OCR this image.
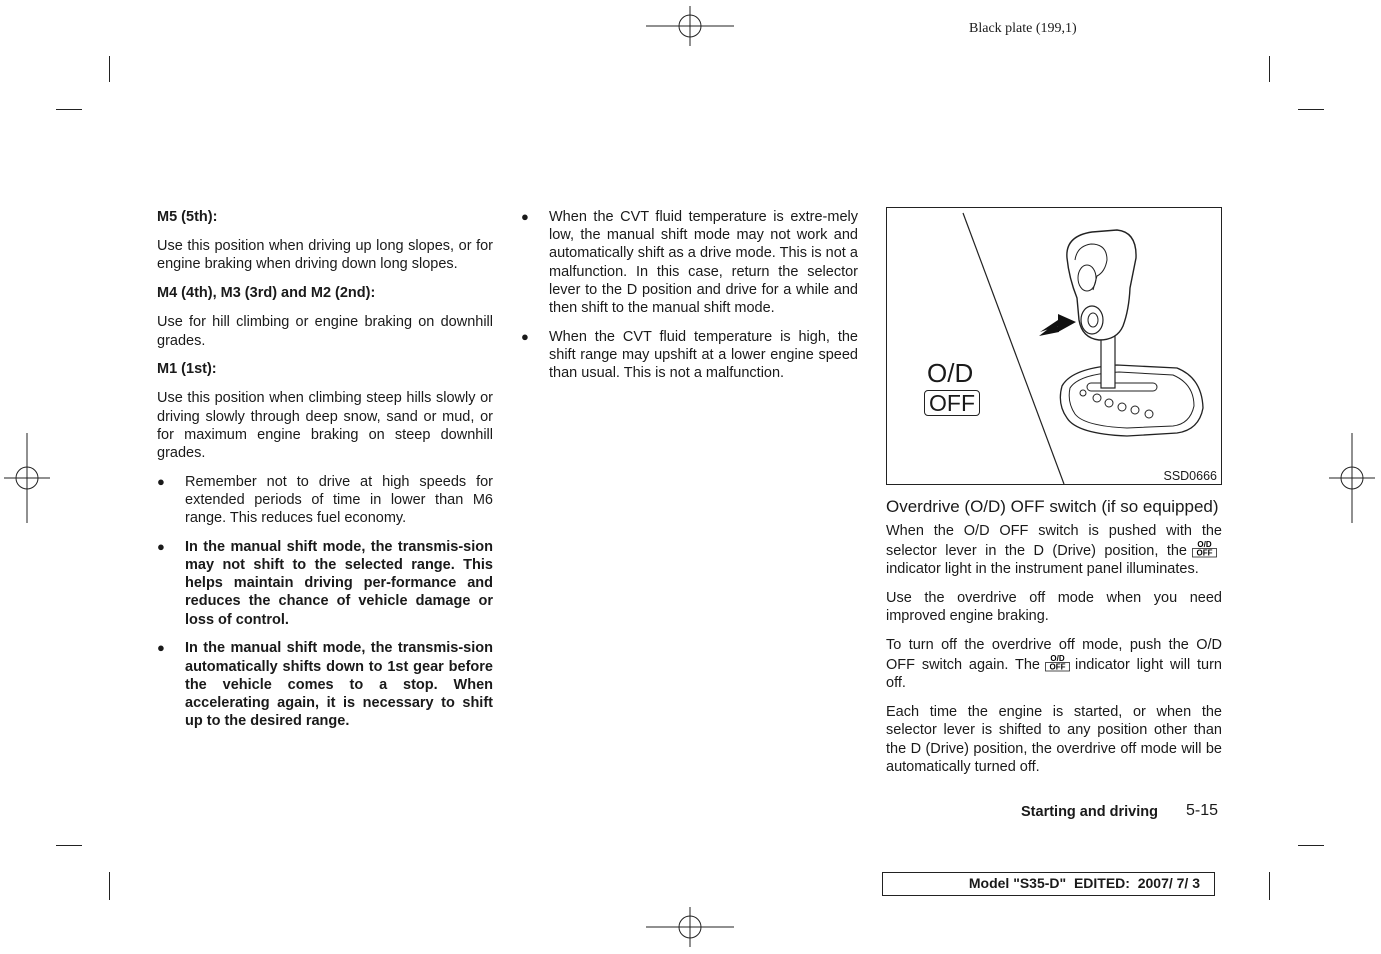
Black plate (199,1)
M5 (5th):

Use this position when driving up long slopes, or for engine braking when driving down long slopes.

M4 (4th), M3 (3rd) and M2 (2nd):

Use for hill climbing or engine braking on downhill grades.

M1 (1st):

Use this position when climbing steep hills slowly or driving slowly through deep snow, sand or mud, or for maximum engine braking on steep downhill grades.

● Remember not to drive at high speeds for extended periods of time in lower than M6 range. This reduces fuel economy.
● In the manual shift mode, the transmis-sion may not shift to the selected range. This helps maintain driving per-formance and reduces the chance of vehicle damage or loss of control.
● In the manual shift mode, the transmis-sion automatically shifts down to 1st gear before the vehicle comes to a stop. When accelerating again, it is necessary to shift up to the desired range.
● When the CVT fluid temperature is extre-mely low, the manual shift mode may not work and automatically shift as a drive mode. This is not a malfunction. In this case, return the selector lever to the D position and drive for a while and then shift to the manual shift mode.
● When the CVT fluid temperature is high, the shift range may upshift at a lower engine speed than usual. This is not a malfunction.	O/D
OFF
SSD0666
Overdrive (O/D) OFF switch (if so equipped)

When the O/D OFF switch is pushed with the selector lever in the D (Drive) position, the O/D
OFF
indicator light in the instrument panel illuminates.

Use the overdrive off mode when you need improved engine braking.

To turn off the overdrive off mode, push the O/D OFF switch again. The O/D
OFF indicator light will turn off.

Each time the engine is started, or when the selector lever is shifted to any position other than the D (Drive) position, the overdrive off mode will be automatically turned off.

Starting and driving 5-15
Model "S35-D"  EDITED:  2007/ 7/ 3
